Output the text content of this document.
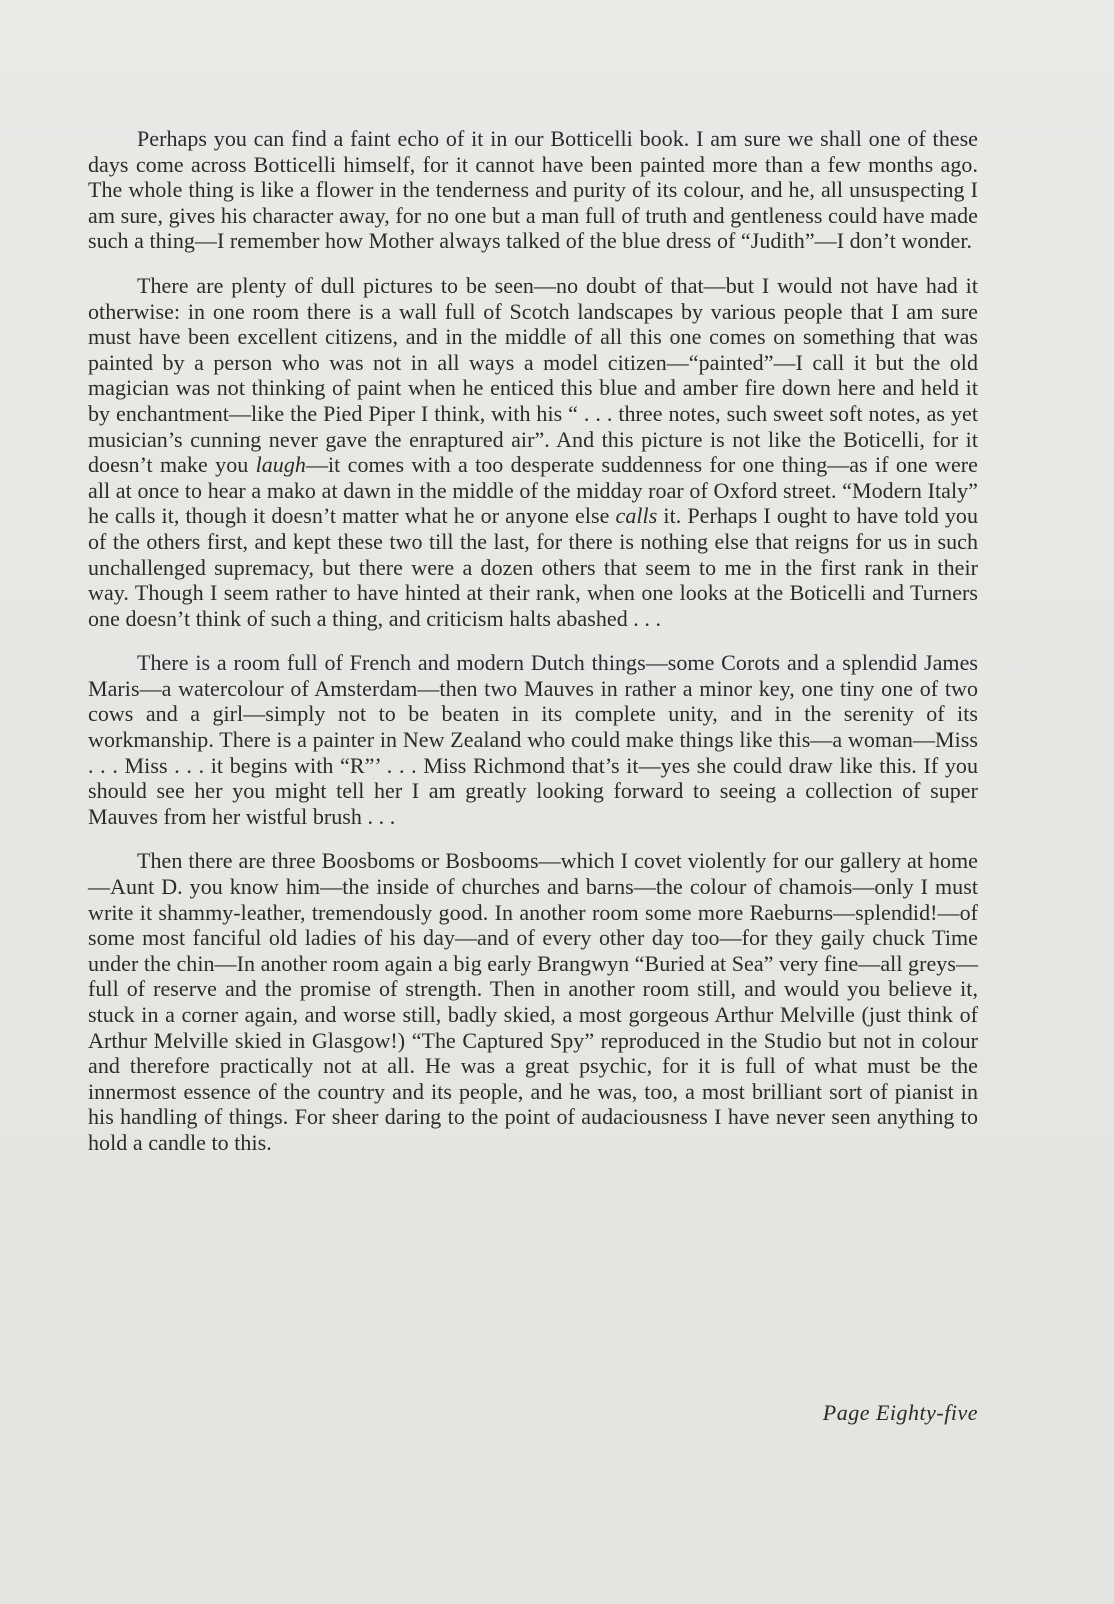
Perhaps you can find a faint echo of it in our Botticelli book. I am sure we shall one of these days come across Botticelli himself, for it cannot have been painted more than a few months ago. The whole thing is like a flower in the tenderness and purity of its colour, and he, all unsuspecting I am sure, gives his character away, for no one but a man full of truth and gentleness could have made such a thing—I remember how Mother always talked of the blue dress of “Judith”—I don’t wonder.

There are plenty of dull pictures to be seen—no doubt of that—but I would not have had it otherwise: in one room there is a wall full of Scotch landscapes by various people that I am sure must have been excellent citizens, and in the middle of all this one comes on something that was painted by a person who was not in all ways a model citizen—“painted”—I call it but the old magician was not thinking of paint when he enticed this blue and amber fire down here and held it by enchantment—like the Pied Piper I think, with his “ . . . three notes, such sweet soft notes, as yet musician’s cunning never gave the enraptured air”. And this picture is not like the Boticelli, for it doesn’t make you laugh—it comes with a too desperate suddenness for one thing—as if one were all at once to hear a mako at dawn in the middle of the midday roar of Oxford street. “Modern Italy” he calls it, though it doesn’t matter what he or anyone else calls it. Perhaps I ought to have told you of the others first, and kept these two till the last, for there is nothing else that reigns for us in such unchallenged supremacy, but there were a dozen others that seem to me in the first rank in their way. Though I seem rather to have hinted at their rank, when one looks at the Boticelli and Turners one doesn’t think of such a thing, and criticism halts abashed . . .

There is a room full of French and modern Dutch things—some Corots and a splendid James Maris—a watercolour of Amsterdam—then two Mauves in rather a minor key, one tiny one of two cows and a girl—simply not to be beaten in its complete unity, and in the serenity of its workmanship. There is a painter in New Zealand who could make things like this—a woman—Miss . . . Miss . . . it begins with “R”’ . . . Miss Richmond that’s it—yes she could draw like this. If you should see her you might tell her I am greatly looking forward to seeing a collection of super Mauves from her wistful brush . . .

Then there are three Boosboms or Bosbooms—which I covet violently for our gallery at home—Aunt D. you know him—the inside of churches and barns—the colour of chamois—only I must write it shammy-leather, tremendously good. In another room some more Raeburns—splendid!—of some most fanciful old ladies of his day—and of every other day too—for they gaily chuck Time under the chin—In another room again a big early Brangwyn “Buried at Sea” very fine—all greys—full of reserve and the promise of strength. Then in another room still, and would you believe it, stuck in a corner again, and worse still, badly skied, a most gorgeous Arthur Melville (just think of Arthur Melville skied in Glasgow!) “The Captured Spy” reproduced in the Studio but not in colour and therefore practically not at all. He was a great psychic, for it is full of what must be the innermost essence of the country and its people, and he was, too, a most brilliant sort of pianist in his handling of things. For sheer daring to the point of audaciousness I have never seen anything to hold a candle to this.

Page Eighty-five
